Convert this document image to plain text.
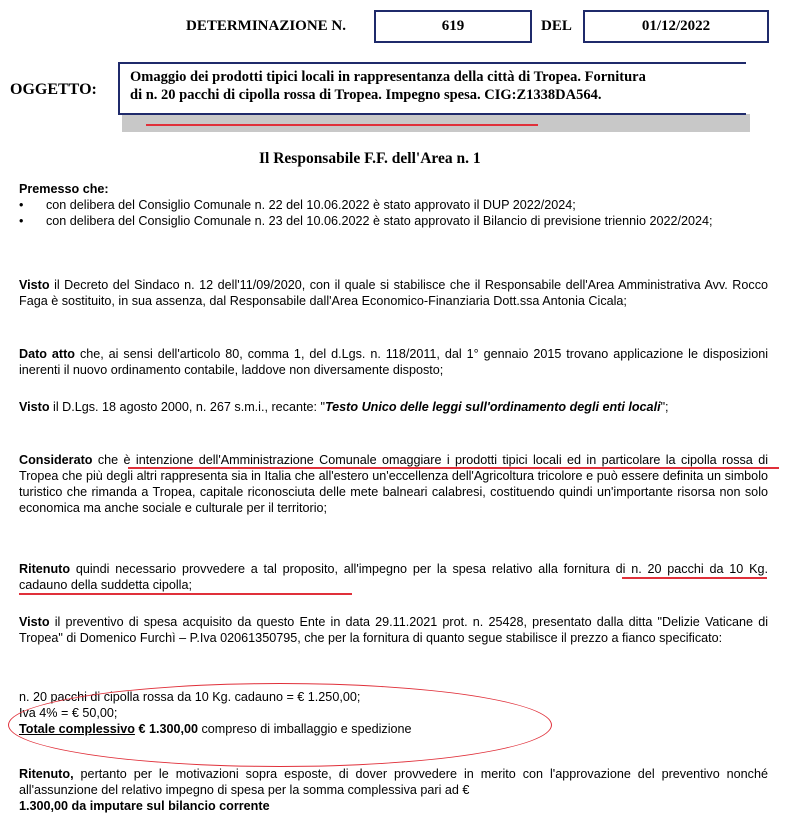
DETERMINAZIONE N.	619	DEL	01/12/2022
OGGETTO:
Omaggio dei prodotti tipici locali in rappresentanza della città di Tropea. Fornitura
di n. 20 pacchi di cipolla rossa di Tropea. Impegno spesa. CIG:Z1338DA564.
Il Responsabile F.F. dell'Area n. 1

Premesso che:

• con delibera del Consiglio Comunale n. 22 del 10.06.2022 è stato approvato il DUP 2022/2024;

• con delibera del Consiglio Comunale n. 23 del 10.06.2022 è stato approvato il Bilancio di previsione triennio 2022/2024;

Visto il Decreto del Sindaco n. 12 dell'11/09/2020, con il quale si stabilisce che il Responsabile dell'Area Amministrativa Avv. Rocco Faga è sostituito, in sua assenza, dal Responsabile dall'Area Economico-Finanziaria Dott.ssa Antonia Cicala;

Dato atto che, ai sensi dell'articolo 80, comma 1, del d.Lgs. n. 118/2011, dal 1° gennaio 2015 trovano applicazione le disposizioni inerenti il nuovo ordinamento contabile, laddove non diversamente disposto;

Visto il D.Lgs. 18 agosto 2000, n. 267 s.m.i., recante: "Testo Unico delle leggi sull'ordinamento degli enti locali";

Considerato che è intenzione dell'Amministrazione Comunale omaggiare i prodotti tipici locali ed in particolare la cipolla rossa di Tropea che più degli altri rappresenta sia in Italia che all'estero un'eccellenza dell'Agricoltura tricolore e può essere definita un simbolo turistico che rimanda a Tropea, capitale riconosciuta delle mete balneari calabresi, costituendo quindi un'importante risorsa non solo economica ma anche sociale e culturale per il territorio;

Ritenuto quindi necessario provvedere a tal proposito, all'impegno per la spesa relativo alla fornitura di n. 20 pacchi da 10 Kg. cadauno della suddetta cipolla;

Visto il preventivo di spesa acquisito da questo Ente in data 29.11.2021 prot. n. 25428, presentato dalla ditta "Delizie Vaticane di Tropea" di Domenico Furchì – P.Iva 02061350795, che per la fornitura di quanto segue stabilisce il prezzo a fianco specificato:

n. 20 pacchi di cipolla rossa da 10 Kg. cadauno = € 1.250,00;

Iva 4% = € 50,00;

Totale complessivo € 1.300,00 compreso di imballaggio e spedizione

Ritenuto, pertanto per le motivazioni sopra esposte, di dover provvedere in merito con l'approvazione del preventivo nonché all'assunzione del relativo impegno di spesa per la somma complessiva pari ad €

1.300,00 da imputare sul bilancio corrente
